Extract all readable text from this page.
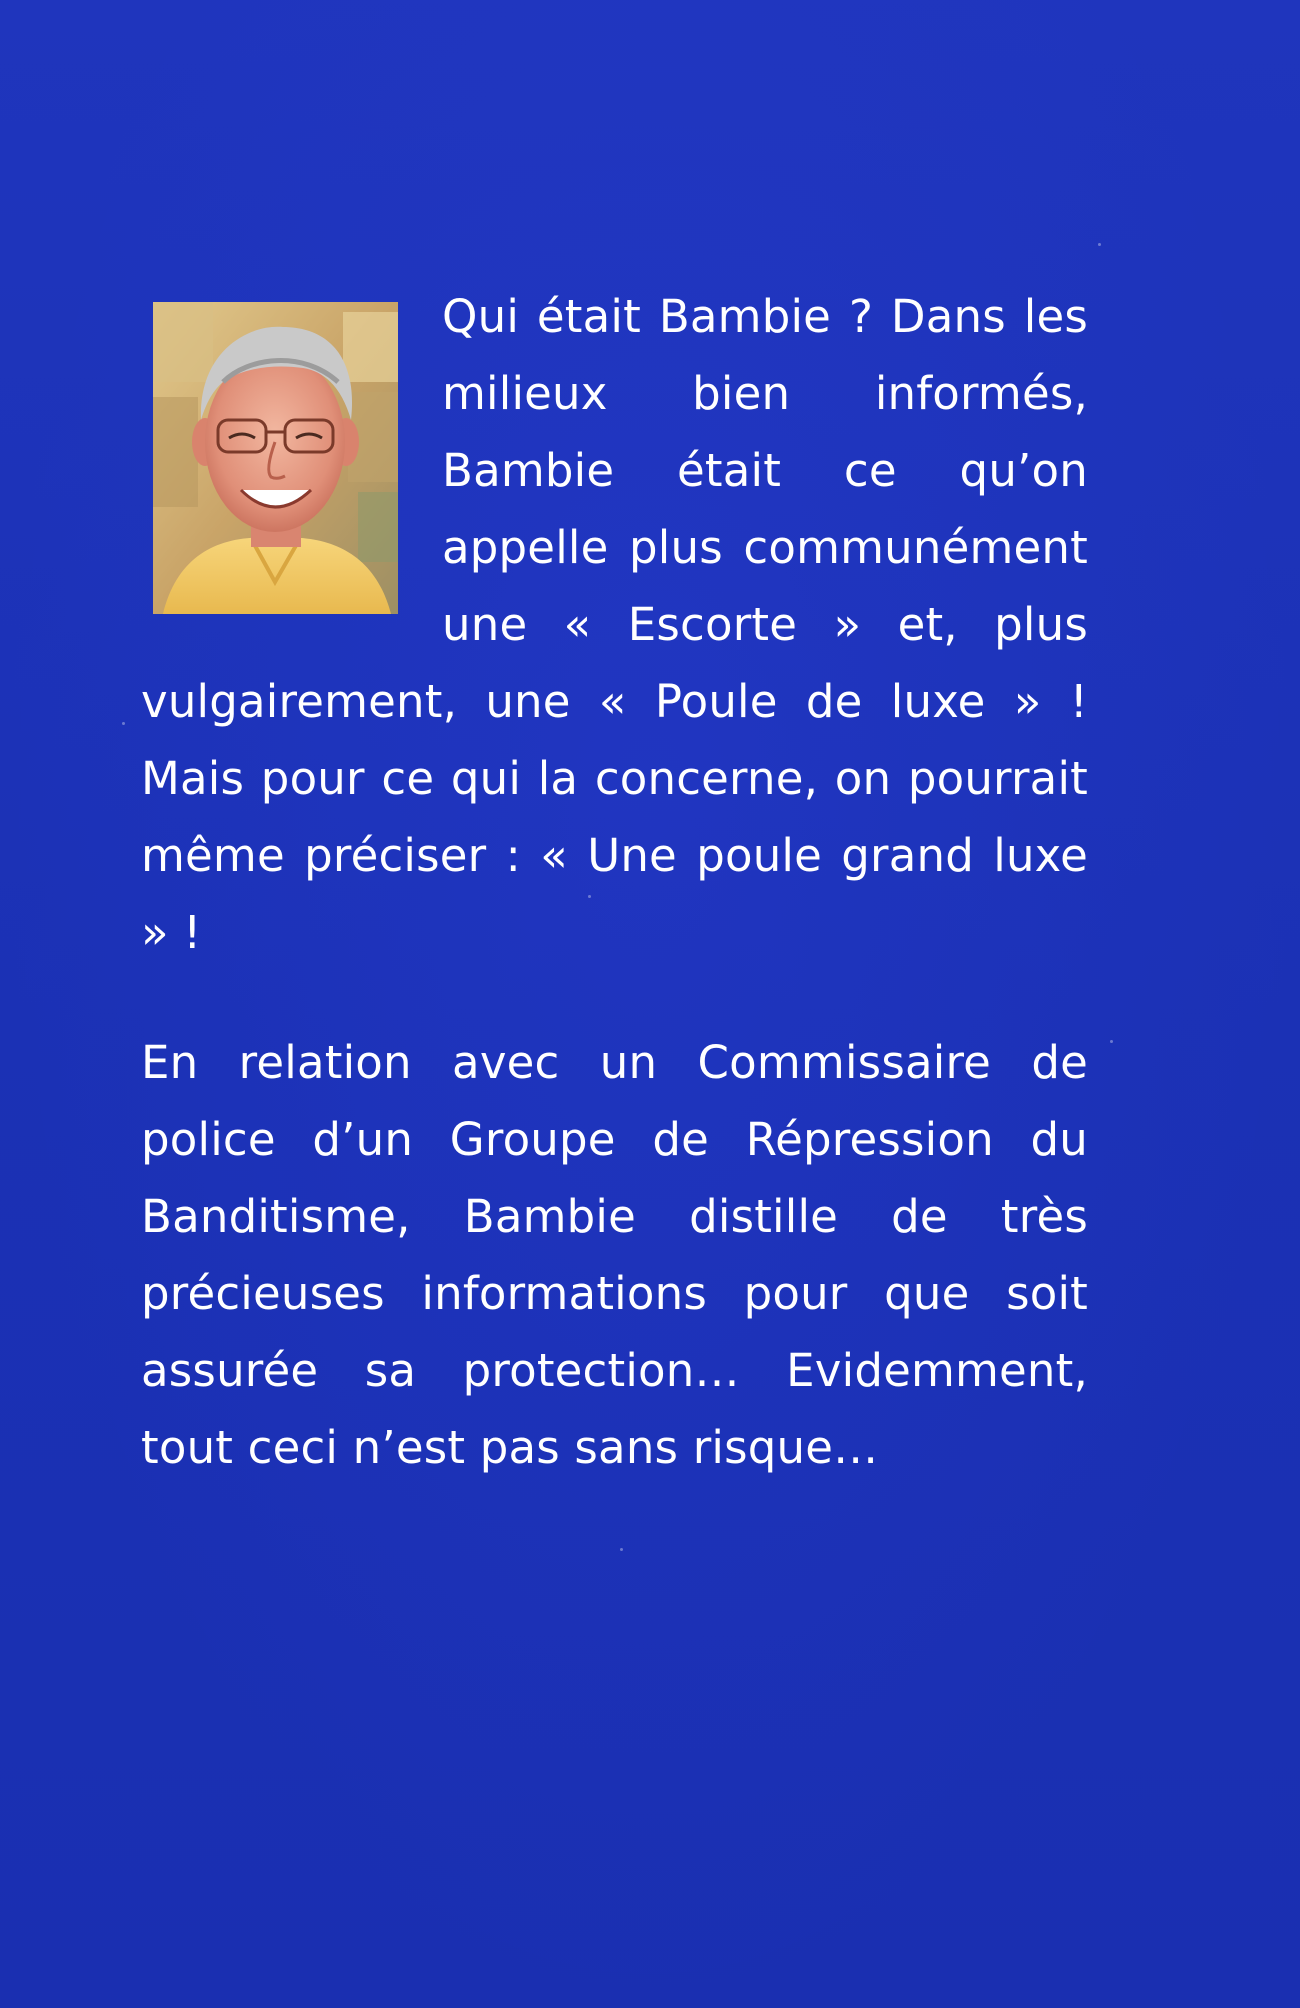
Qui était Bambie ? Dans les milieux bien informés, Bambie était ce qu’on appelle plus communément une « Escorte » et, plus vulgairement, une « Poule de luxe » ! Mais pour ce qui la concerne, on pourrait même préciser : « Une poule grand luxe » !

En relation avec un Commissaire de police d’un Groupe de Répression du Banditisme, Bambie distille de très précieuses informations pour que soit assurée sa protection… Evidemment, tout ceci n’est pas sans risque…
